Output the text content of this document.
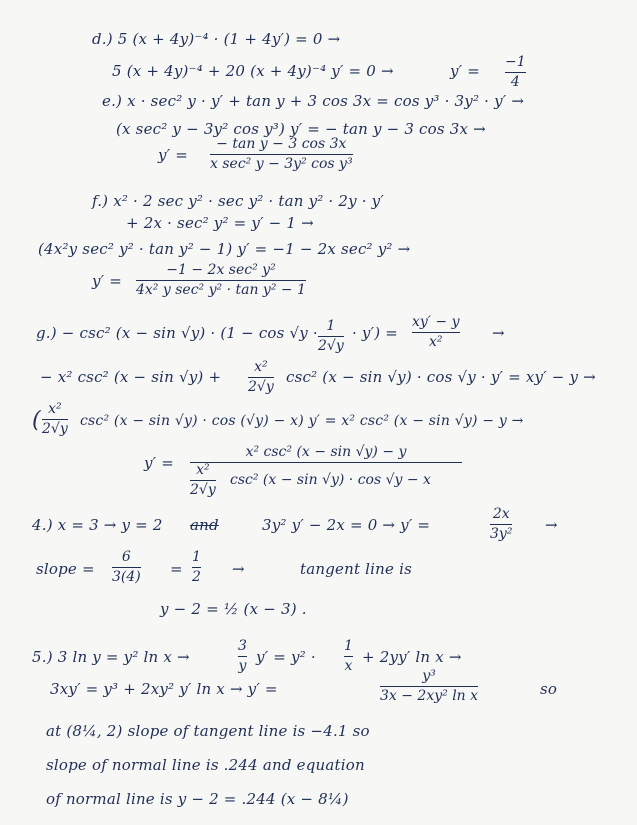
d.) 5 (x + 4y)⁻⁴ · (1 + 4y′) = 0 →
5 (x + 4y)⁻⁴ + 20 (x + 4y)⁻⁴ y′ = 0 →	y′ = −1
4
e.) x · sec² y · y′ + tan y + 3 cos 3x = cos y³ · 3y² · y′ →
(x sec² y − 3y² cos y³) y′ = − tan y − 3 cos 3x →
y′ =
− tan y − 3 cos 3x
x sec² y − 3y² cos y³
f.) x² · 2 sec y² · sec y² · tan y² · 2y · y′
+ 2x · sec² y² = y′ − 1 →
(4x²y sec² y² · tan y² − 1) y′ = −1 − 2x sec² y² →
y′ =
−1 − 2x sec² y²
4x² y sec² y² · tan y² − 1
g.) − csc² (x − sin √y) · (1 − cos √y · 1
2√y
· y′) =
xy′ − y
x²	→
− x² csc² (x − sin √y) +
x²
2√y
csc² (x − sin √y) · cos √y · y′ = xy′ − y →
( x²
2√y csc² (x − sin √y) · cos (√y) − x) y′ = x² csc² (x − sin √y) − y →
y′ =
x² csc² (x − sin √y) − y
x²
2√y
csc² (x − sin √y) · cos √y − x
4.) x = 3 → y = 2 and	3y² y′ − 2x = 0 → y′ =
2x
3y² →
slope =
6
3(4) =
1
2 →	tangent line is
y − 2 = ½ (x − 3) .
5.) 3 ln y = y² ln x →
3
y y′ = y² ·
1
x + 2yy′ ln x →
3xy′ = y³ + 2xy² y′ ln x → y′ =
y³
3x − 2xy² ln x	so
at (8¼, 2) slope of tangent line is −4.1 so
slope of normal line is .244 and equation
of normal line is y − 2 = .244 (x − 8¼)
